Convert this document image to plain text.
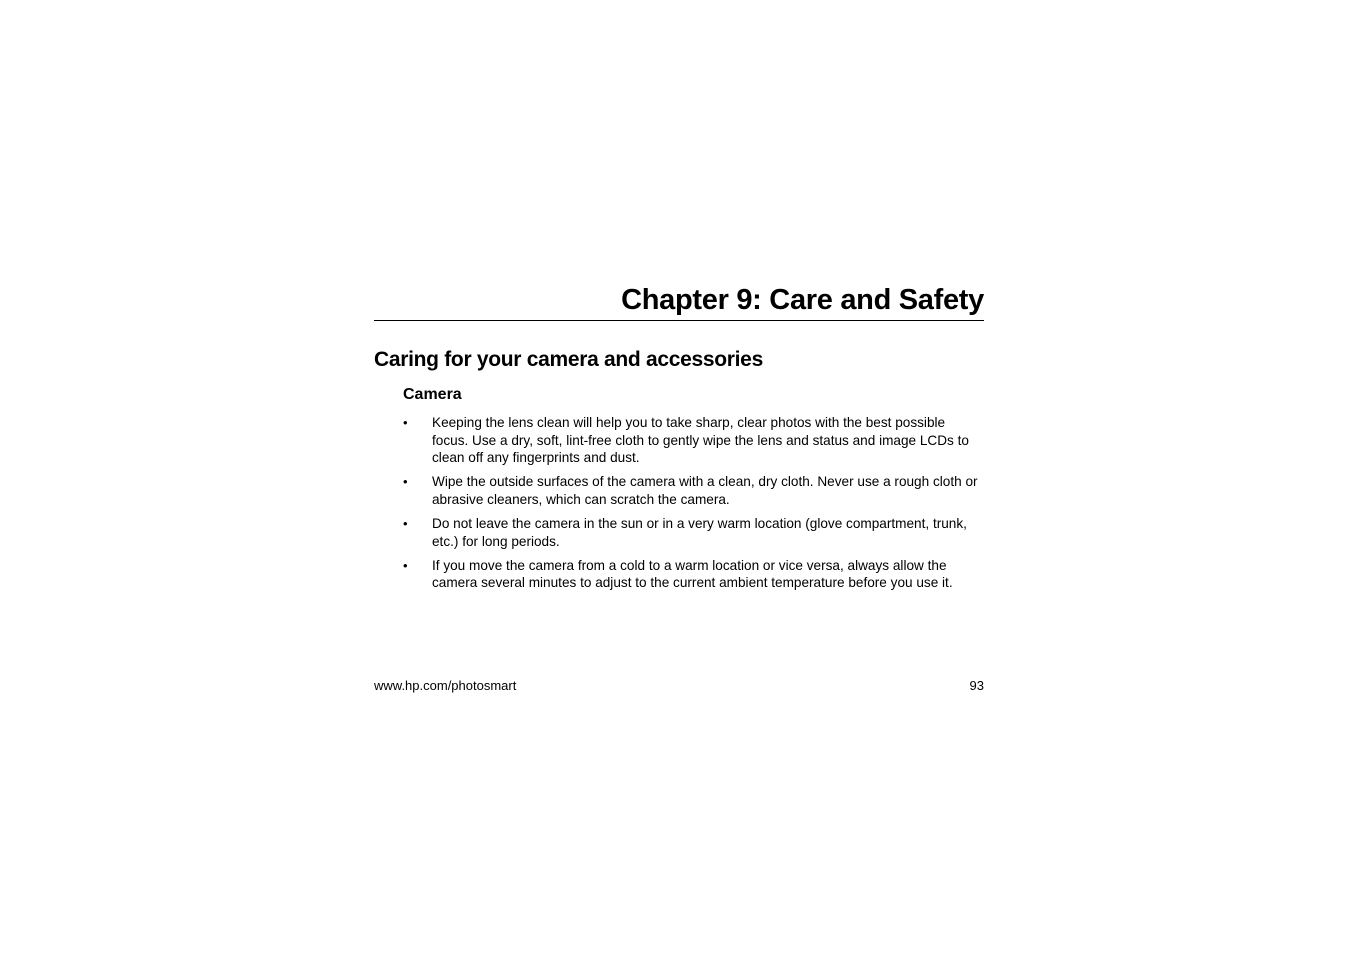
Chapter 9: Care and Safety
Caring for your camera and accessories
Camera
• Keeping the lens clean will help you to take sharp, clear photos with the best possible focus. Use a dry, soft, lint-free cloth to gently wipe the lens and status and image LCDs to clean off any fingerprints and dust.
• Wipe the outside surfaces of the camera with a clean, dry cloth. Never use a rough cloth or abrasive cleaners, which can scratch the camera.
• Do not leave the camera in the sun or in a very warm location (glove compartment, trunk, etc.) for long periods.
• If you move the camera from a cold to a warm location or vice versa, always allow the camera several minutes to adjust to the current ambient temperature before you use it.
www.hp.com/photosmart	93
